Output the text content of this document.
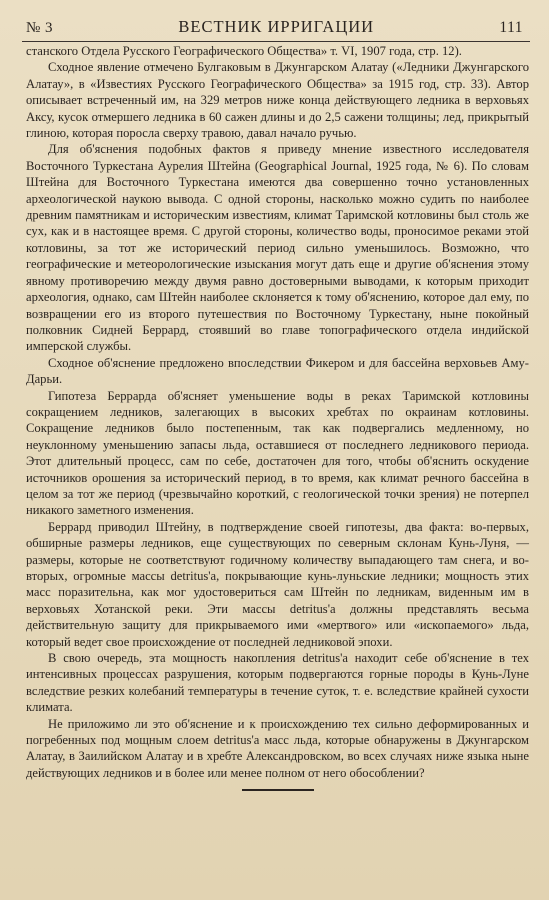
№ 3	ВЕСТНИК ИРРИГАЦИИ	111

станского Отдела Русского Географического Общества» т. VI, 1907 года, стр. 12).

Сходное явление отмечено Булгаковым в Джунгарском Алатау («Ледники Джунгарского Алатау», в «Известиях Русского Географического Общества» за 1915 год, стр. 33). Автор описывает встреченный им, на 329 метров ниже конца действующего ледника в верховьях Аксу, кусок отмершего ледника в 60 сажен длины и до 2,5 сажени толщины; лед, прикрытый глиною, которая поросла сверху травою, давал начало ручью.

Для об'яснения подобных фактов я приведу мнение известного исследователя Восточного Туркестана Аурелия Штейна (Geographical Journal, 1925 года, № 6). По словам Штейна для Восточного Туркестана имеются два совершенно точно установленных археологической наукою вывода. С одной стороны, насколько можно судить по наиболее древним памятникам и историческим известиям, климат Таримской котловины был столь же сух, как и в настоящее время. С другой стороны, количество воды, проносимое реками этой котловины, за тот же исторический период сильно уменьшилось. Возможно, что географические и метеорологические изыскания могут дать еще и другие об'яснения этому явному противоречию между двумя равно достоверными выводами, к которым приходит археология, однако, сам Штейн наиболее склоняется к тому об'яснению, которое дал ему, по возвращении его из второго путешествия по Восточному Туркестану, ныне покойный полковник Сидней Беррард, стоявший во главе топографического отдела индийской имперской службы.

Сходное об'яснение предложено впоследствии Фикером и для бассейна верховьев Аму-Дарьи.

Гипотеза Беррарда об'ясняет уменьшение воды в реках Таримской котловины сокращением ледников, залегающих в высоких хребтах по окраинам котловины. Сокращение ледников было постепенным, так как подвергались медленному, но неуклонному уменьшению запасы льда, оставшиеся от последнего ледникового периода. Этот длительный процесс, сам по себе, достаточен для того, чтобы об'яснить оскудение источников орошения за исторический период, в то время, как климат речного бассейна в целом за тот же период (чрезвычайно короткий, с геологической точки зрения) не потерпел никакого заметного изменения.

Беррард приводил Штейну, в подтверждение своей гипотезы, два факта: во-первых, обширные размеры ледников, еще существующих по северным склонам Кунь-Луня, — размеры, которые не соответствуют годичному количеству выпадающего там снега, и во-вторых, огромные массы detritus'а, покрывающие кунь-луньские ледники; мощность этих масс поразительна, как мог удостовериться сам Штейн по ледникам, виденным им в верховьях Хотанской реки. Эти массы detritus'а должны представлять весьма действительную защиту для прикрываемого ими «мертвого» или «ископаемого» льда, который ведет свое происхождение от последней ледниковой эпохи.

В свою очередь, эта мощность накопления detritus'а находит себе об'яснение в тех интенсивных процессах разрушения, которым подвергаются горные породы в Кунь-Луне вследствие резких колебаний температуры в течение суток, т. е. вследствие крайней сухости климата.

Не приложимо ли это об'яснение и к происхождению тех сильно деформированных и погребенных под мощным слоем detritus'а масс льда, которые обнаружены в Джунгарском Алатау, в Заилийском Алатау и в хребте Александровском, во всех случаях ниже языка ныне действующих ледников и в более или менее полном от него обособлении?
